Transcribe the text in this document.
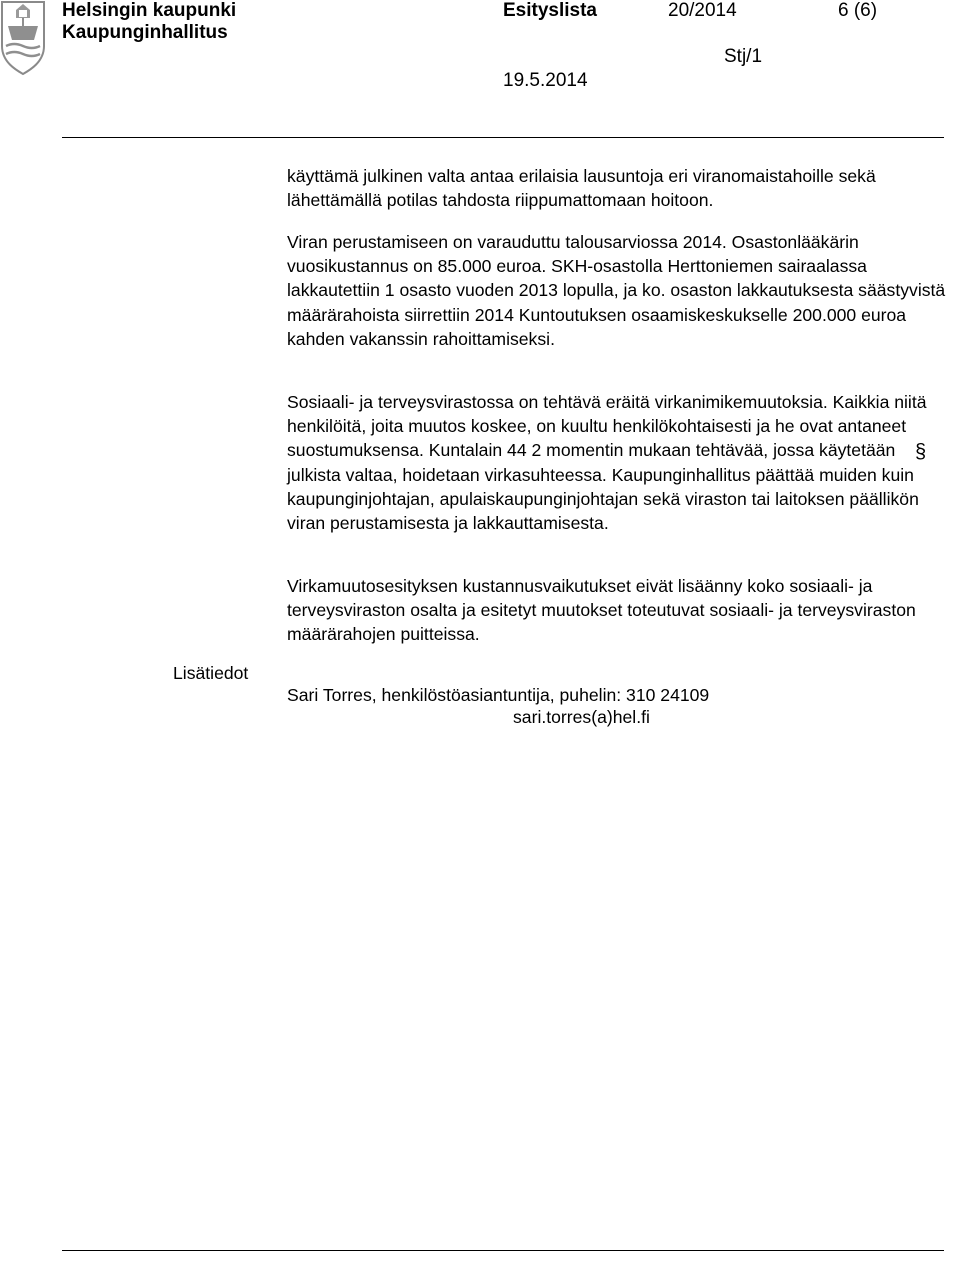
Helsingin kaupunki
Kaupunginhallitus
Esityslista	20/2014	6 (6)
Stj/1
19.5.2014

käyttämä julkinen valta antaa erilaisia lausuntoja eri viranomaistahoille sekä lähettämällä potilas tahdosta riippumattomaan hoitoon.

Viran perustamiseen on varauduttu talousarviossa 2014. Osastonlääkärin vuosikustannus on 85.000 euroa. SKH-osastolla Herttoniemen sairaalassa lakkautettiin 1 osasto vuoden 2013 lopulla, ja ko. osaston lakkautuksesta säästyvistä määrärahoista siirrettiin 2014 Kuntoutuksen osaamiskeskukselle 200.000 euroa kahden vakanssin rahoittamiseksi.

Sosiaali- ja terveysvirastossa on tehtävä eräitä virkanimikemuutoksia. Kaikkia niitä henkilöitä, joita muutos koskee, on kuultu henkilökohtaisesti ja he ovat antaneet suostumuksensa. Kuntalain 44 2 momentin mukaan tehtävää, jossa käytetään julkista valtaa, hoidetaan virkasuhteessa. Kaupunginhallitus päättää muiden kuin kaupunginjohtajan, apulaiskaupunginjohtajan sekä viraston tai laitoksen päällikön viran perustamisesta ja lakkauttamisesta.

Virkamuutosesityksen kustannusvaikutukset eivät lisäänny koko sosiaali- ja terveysviraston osalta ja esitetyt muutokset toteutuvat sosiaali- ja terveysviraston määrärahojen puitteissa.

§
Lisätiedot
Sari Torres, henkilöstöasiantuntija, puhelin: 310 24109
sari.torres(a)hel.fi
